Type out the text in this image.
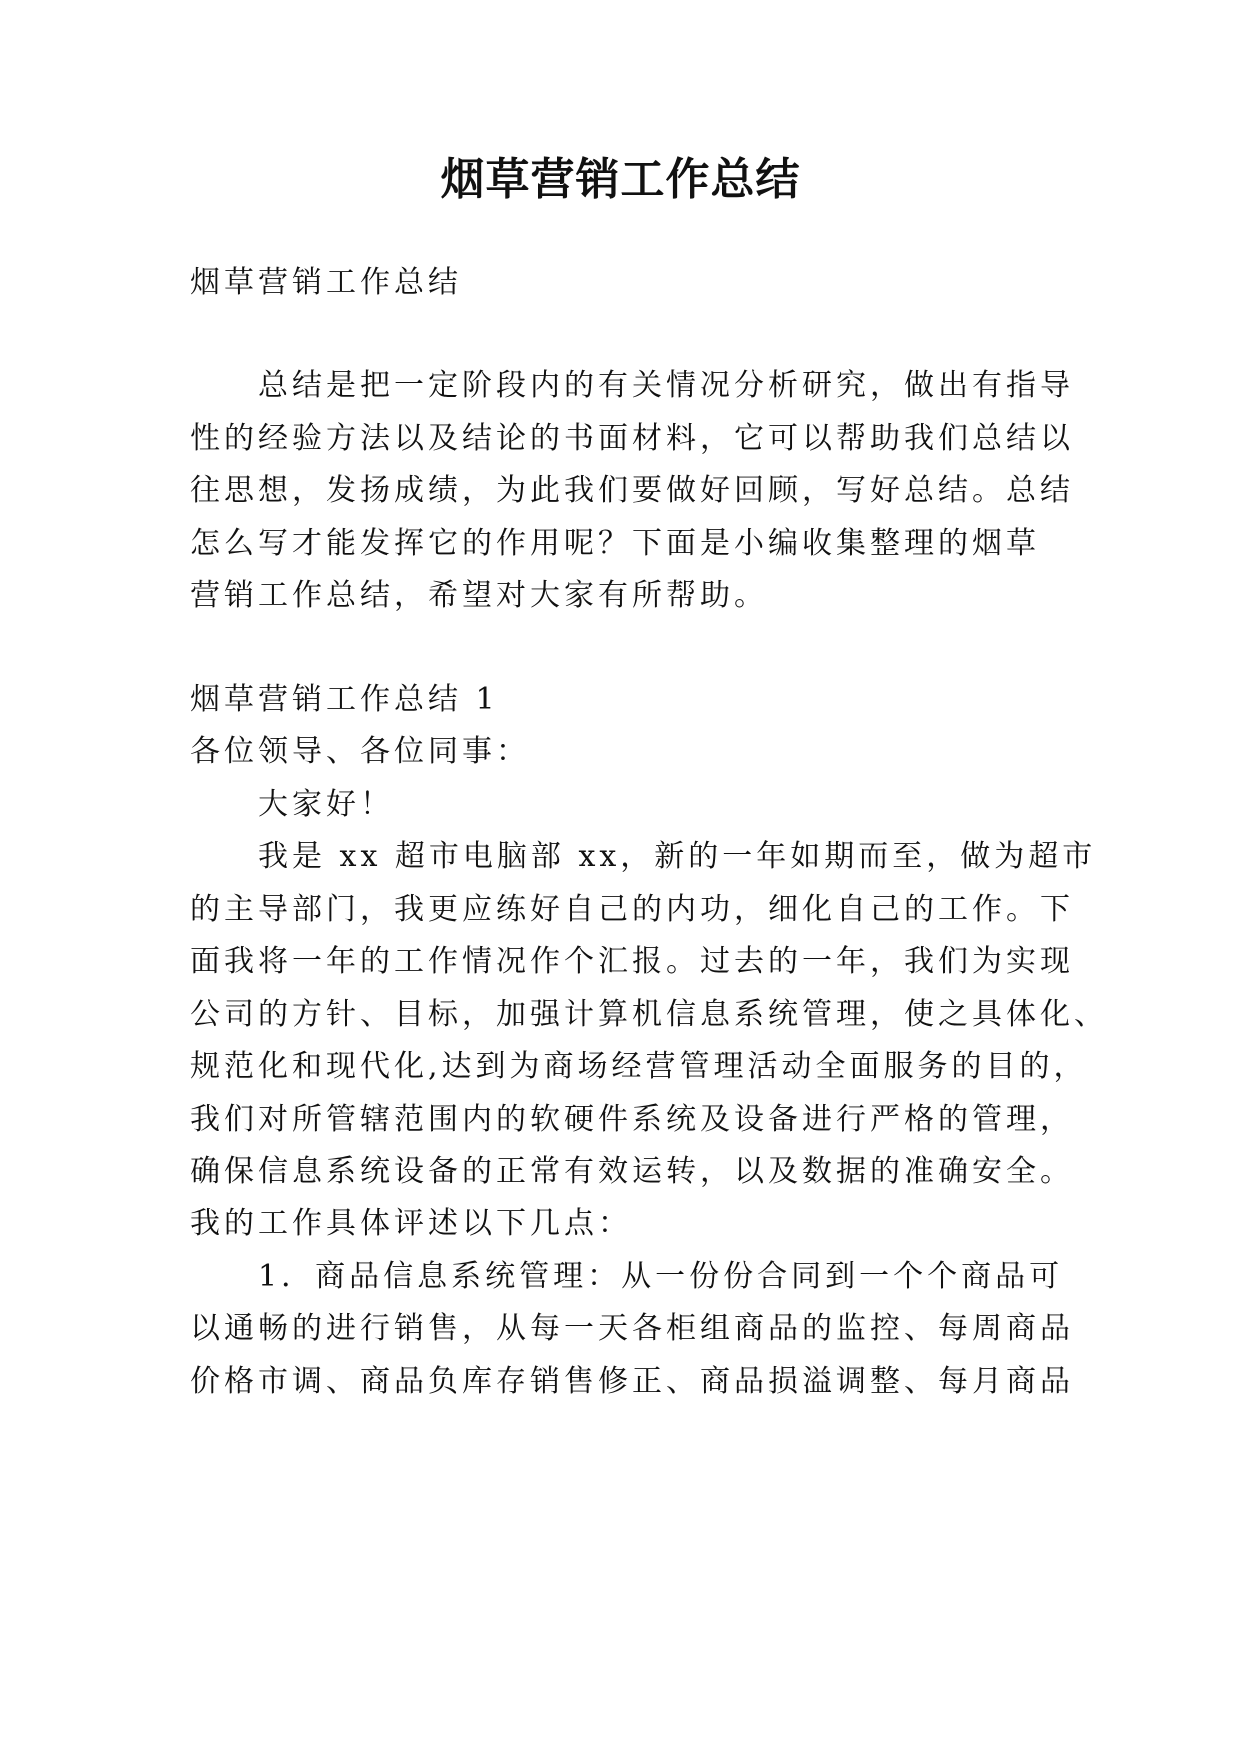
烟草营销工作总结
烟草营销工作总结
总结是把一定阶段内的有关情况分析研究，做出有指导
性的经验方法以及结论的书面材料，它可以帮助我们总结以
往思想，发扬成绩，为此我们要做好回顾，写好总结。总结
怎么写才能发挥它的作用呢？下面是小编收集整理的烟草
营销工作总结，希望对大家有所帮助。
烟草营销工作总结 1
各位领导、各位同事：
大家好！
我是 xx 超市电脑部 xx，新的一年如期而至，做为超市
的主导部门，我更应练好自己的内功，细化自己的工作。下
面我将一年的工作情况作个汇报。过去的一年，我们为实现
公司的方针、目标，加强计算机信息系统管理，使之具体化、
规范化和现代化,达到为商场经营管理活动全面服务的目的，
我们对所管辖范围内的软硬件系统及设备进行严格的管理，
确保信息系统设备的正常有效运转，以及数据的准确安全。
我的工作具体评述以下几点：
1．商品信息系统管理：从一份份合同到一个个商品可
以通畅的进行销售，从每一天各柜组商品的监控、每周商品
价格市调、商品负库存销售修正、商品损溢调整、每月商品
